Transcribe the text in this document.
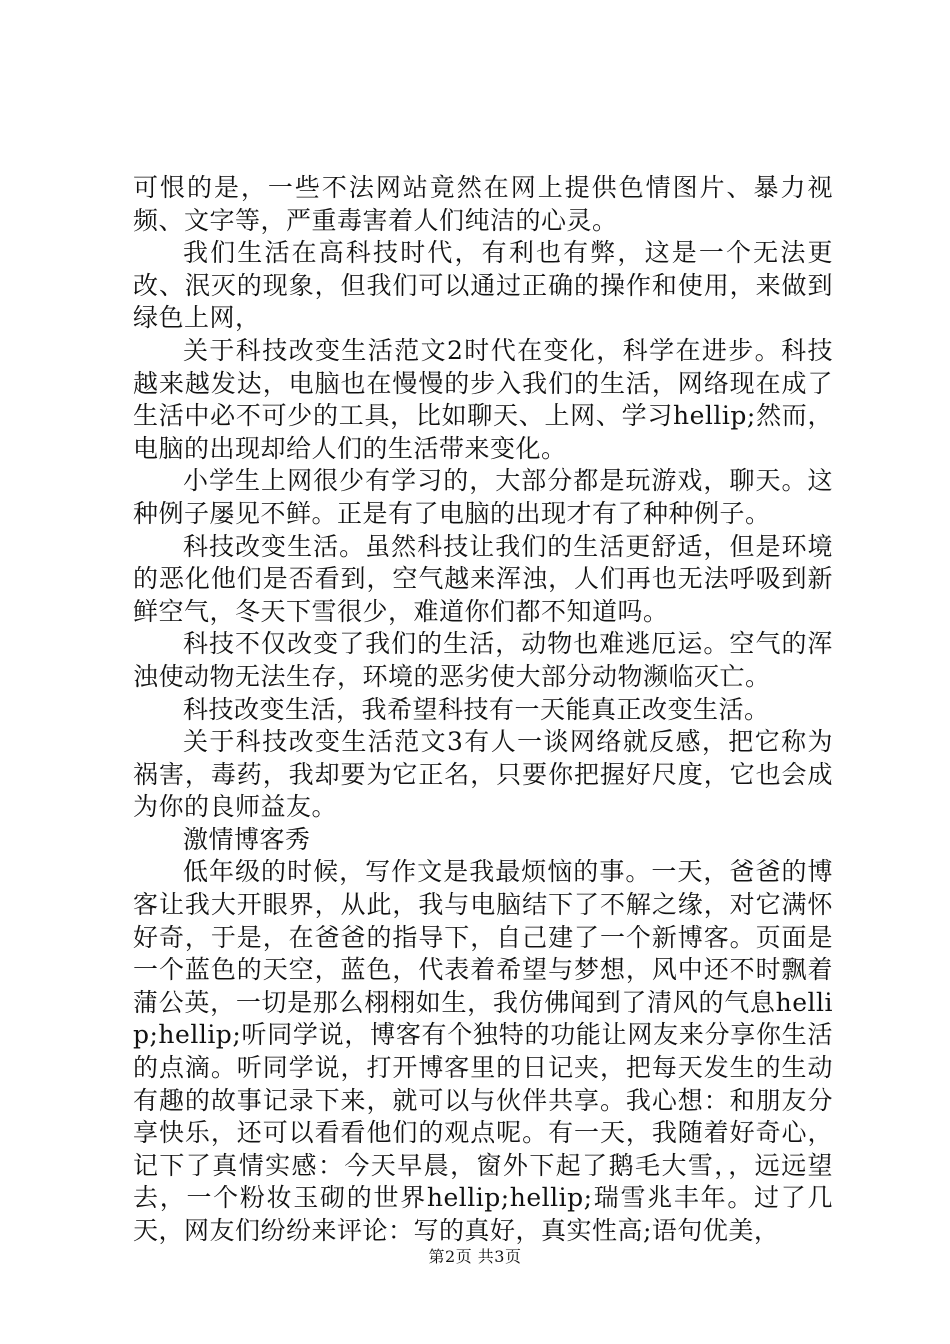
可恨的是，一些不法网站竟然在网上提供色情图片、暴力视频、文字等，严重毒害着人们纯洁的心灵。

我们生活在高科技时代，有利也有弊，这是一个无法更改、泯灭的现象，但我们可以通过正确的操作和使用，来做到绿色上网，

关于科技改变生活范文2时代在变化，科学在进步。科技越来越发达，电脑也在慢慢的步入我们的生活，网络现在成了生活中必不可少的工具，比如聊天、上网、学习hellip;然而，电脑的出现却给人们的生活带来变化。

小学生上网很少有学习的，大部分都是玩游戏，聊天。这种例子屡见不鲜。正是有了电脑的出现才有了种种例子。

科技改变生活。虽然科技让我们的生活更舒适，但是环境的恶化他们是否看到，空气越来浑浊，人们再也无法呼吸到新鲜空气，冬天下雪很少，难道你们都不知道吗。

科技不仅改变了我们的生活，动物也难逃厄运。空气的浑浊使动物无法生存，环境的恶劣使大部分动物濒临灭亡。

科技改变生活，我希望科技有一天能真正改变生活。

关于科技改变生活范文3有人一谈网络就反感，把它称为祸害，毒药，我却要为它正名，只要你把握好尺度，它也会成为你的良师益友。

激情博客秀

低年级的时候，写作文是我最烦恼的事。一天，爸爸的博客让我大开眼界，从此，我与电脑结下了不解之缘，对它满怀好奇，于是，在爸爸的指导下，自己建了一个新博客。页面是一个蓝色的天空，蓝色，代表着希望与梦想，风中还不时飘着蒲公英，一切是那么栩栩如生，我仿佛闻到了清风的气息hellip;hellip;听同学说，博客有个独特的功能让网友来分享你生活的点滴。听同学说，打开博客里的日记夹，把每天发生的生动有趣的故事记录下来，就可以与伙伴共享。我心想：和朋友分享快乐，还可以看看他们的观点呢。有一天，我随着好奇心，记下了真情实感：今天早晨，窗外下起了鹅毛大雪，，远远望去，一个粉妆玉砌的世界hellip;hellip;瑞雪兆丰年。过了几天，网友们纷纷来评论：写的真好，真实性高;语句优美，

第2页 共3页
